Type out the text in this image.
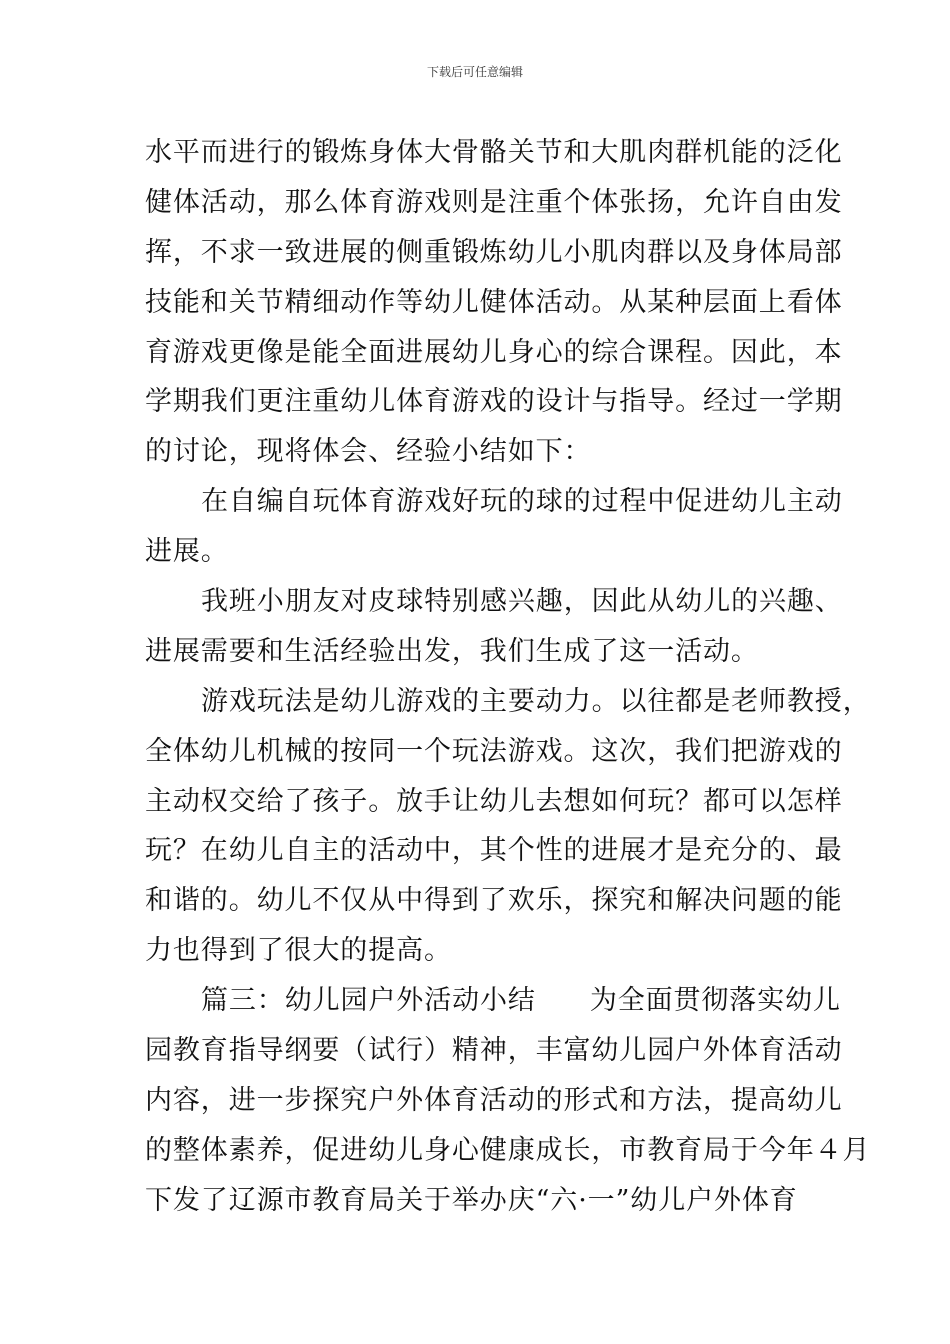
下载后可任意编辑
水平而进行的锻炼身体大骨骼关节和大肌肉群机能的泛化
健体活动，那么体育游戏则是注重个体张扬，允许自由发
挥，不求一致进展的侧重锻炼幼儿小肌肉群以及身体局部
技能和关节精细动作等幼儿健体活动。从某种层面上看体
育游戏更像是能全面进展幼儿身心的综合课程。因此，本
学期我们更注重幼儿体育游戏的设计与指导。经过一学期
的讨论，现将体会、经验小结如下：
在自编自玩体育游戏好玩的球的过程中促进幼儿主动
进展。
我班小朋友对皮球特别感兴趣，因此从幼儿的兴趣、
进展需要和生活经验出发，我们生成了这一活动。
游戏玩法是幼儿游戏的主要动力。以往都是老师教授，
全体幼儿机械的按同一个玩法游戏。这次，我们把游戏的
主动权交给了孩子。放手让幼儿去想如何玩？都可以怎样
玩？在幼儿自主的活动中，其个性的进展才是充分的、最
和谐的。幼儿不仅从中得到了欢乐，探究和解决问题的能
力也得到了很大的提高。
篇三：幼儿园户外活动小结 为全面贯彻落实幼儿
园教育指导纲要（试行）精神，丰富幼儿园户外体育活动
内容，进一步探究户外体育活动的形式和方法，提高幼儿
的整体素养，促进幼儿身心健康成长，市教育局于今年４月
下发了辽源市教育局关于举办庆“六·一”幼儿户外体育
